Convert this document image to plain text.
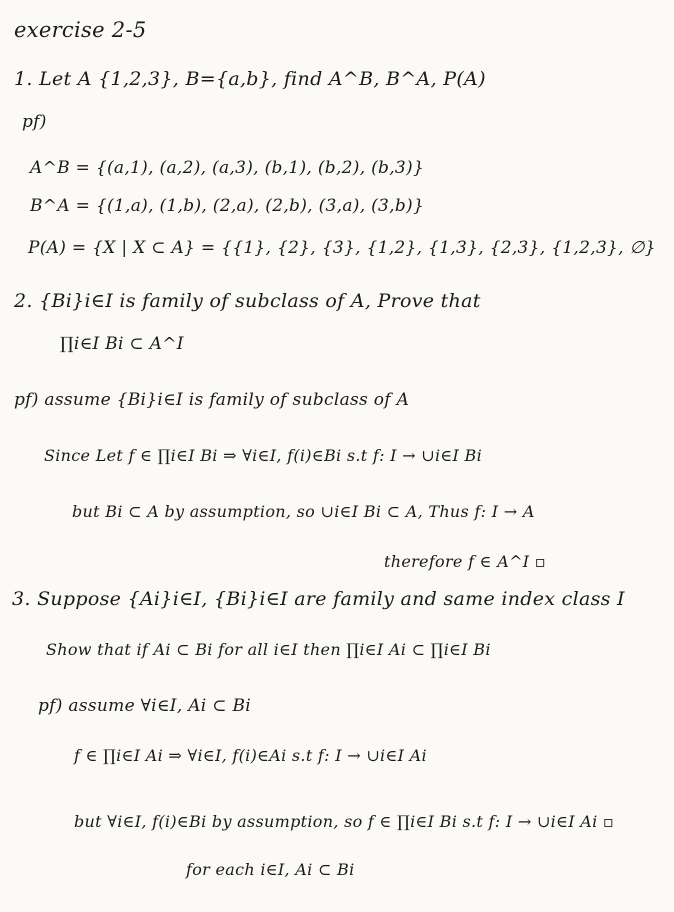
exercise 2-5
1. Let A {1,2,3}, B={a,b}, find A^B, B^A, P(A)
pf)
A^B = {(a,1), (a,2), (a,3), (b,1), (b,2), (b,3)}
B^A = {(1,a), (1,b), (2,a), (2,b), (3,a), (3,b)}
P(A) = {X | X ⊂ A} = {{1}, {2}, {3}, {1,2}, {1,3}, {2,3}, {1,2,3}, ∅}
2. {Bi}i∈I is family of subclass of A, Prove that
∏i∈I Bi ⊂ A^I
pf) assume {Bi}i∈I is family of subclass of A
Since Let f ∈ ∏i∈I Bi ⇒ ∀i∈I, f(i)∈Bi s.t f: I → ∪i∈I Bi
but Bi ⊂ A by assumption, so ∪i∈I Bi ⊂ A, Thus f: I → A
therefore f ∈ A^I ▫
3. Suppose {Ai}i∈I, {Bi}i∈I are family and same index class I
Show that if Ai ⊂ Bi for all i∈I then ∏i∈I Ai ⊂ ∏i∈I Bi
pf) assume ∀i∈I, Ai ⊂ Bi
f ∈ ∏i∈I Ai ⇒ ∀i∈I, f(i)∈Ai s.t f: I → ∪i∈I Ai
but ∀i∈I, f(i)∈Bi by assumption, so f ∈ ∏i∈I Bi s.t f: I → ∪i∈I Ai ▫
for each i∈I, Ai ⊂ Bi
